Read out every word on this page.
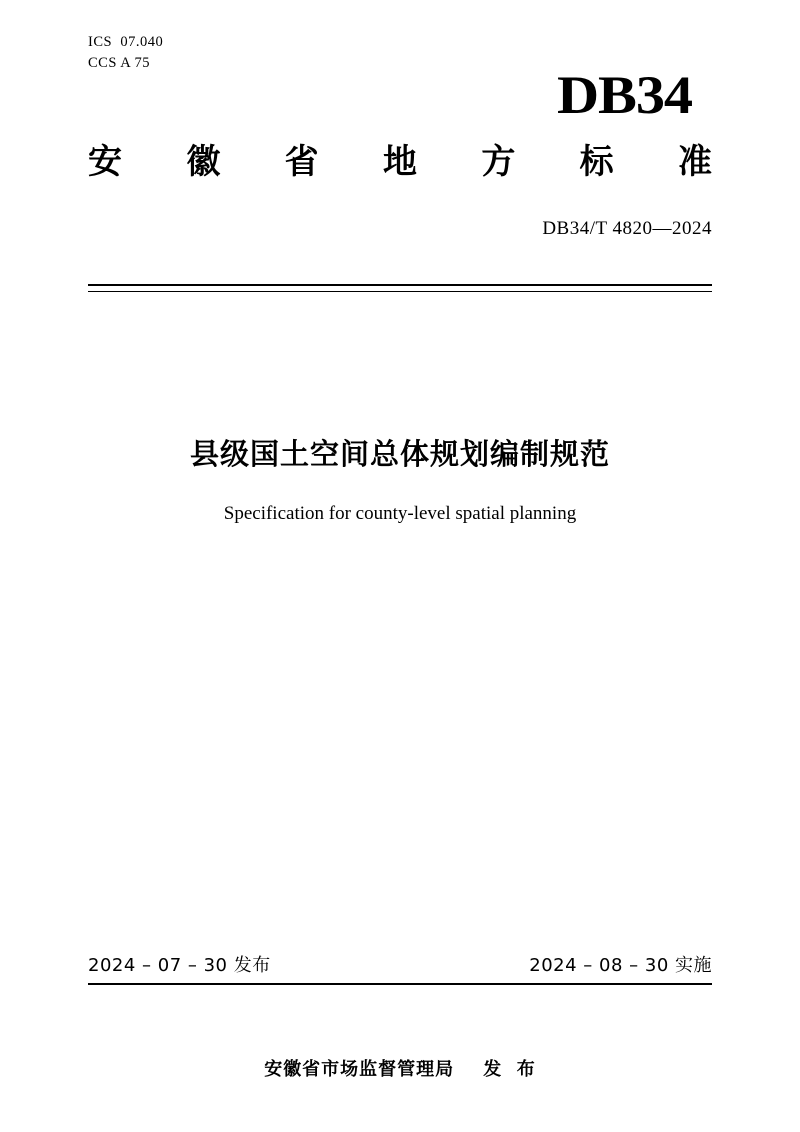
ICS  07.040
CCS A 75
DB34
安 徽 省 地 方 标 准
DB34/T 4820—2024
县级国土空间总体规划编制规范
Specification for county-level spatial planning
2024 – 07 – 30 发布	2024 – 08 – 30 实施
安徽省市场监督管理局    发  布
